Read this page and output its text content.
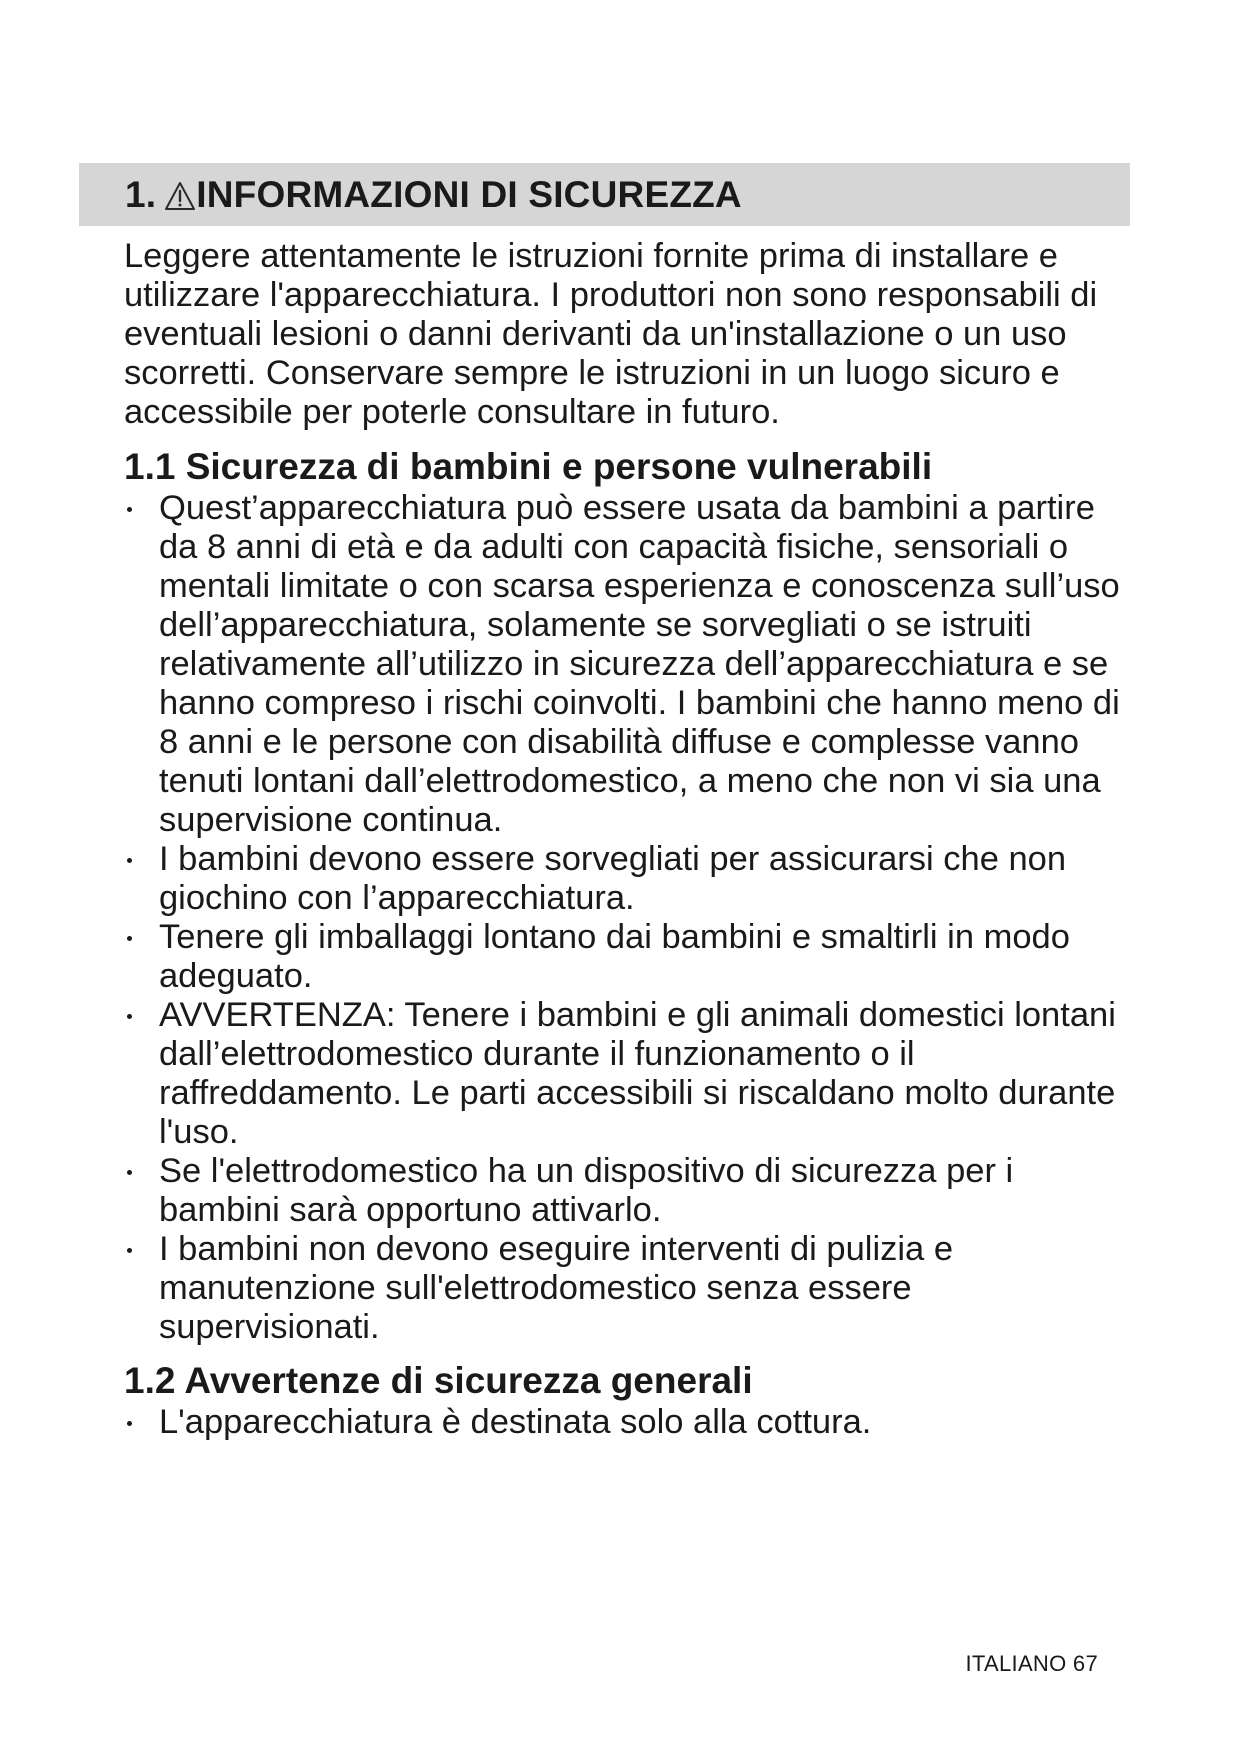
1. INFORMAZIONI DI SICUREZZA

Leggere attentamente le istruzioni fornite prima di installare e utilizzare l'apparecchiatura. I produttori non sono responsabili di eventuali lesioni o danni derivanti da un'installazione o un uso scorretti. Conservare sempre le istruzioni in un luogo sicuro e accessibile per poterle consultare in futuro.

1.1 Sicurezza di bambini e persone vulnerabili
Quest’apparecchiatura può essere usata da bambini a partire da 8 anni di età e da adulti con capacità fisiche, sensoriali o mentali limitate o con scarsa esperienza e conoscenza sull’uso dell’apparecchiatura, solamente se sorvegliati o se istruiti relativamente all’utilizzo in sicurezza dell’apparecchiatura e se hanno compreso i rischi coinvolti. I bambini che hanno meno di 8 anni e le persone con disabilità diffuse e complesse vanno tenuti lontani dall’elettrodomestico, a meno che non vi sia una supervisione continua.
I bambini devono essere sorvegliati per assicurarsi che non giochino con l’apparecchiatura.
Tenere gli imballaggi lontano dai bambini e smaltirli in modo adeguato.
AVVERTENZA: Tenere i bambini e gli animali domestici lontani dall’elettrodomestico durante il funzionamento o il raffreddamento. Le parti accessibili si riscaldano molto durante l'uso.
Se l'elettrodomestico ha un dispositivo di sicurezza per i bambini sarà opportuno attivarlo.
I bambini non devono eseguire interventi di pulizia e manutenzione sull'elettrodomestico senza essere supervisionati.
1.2 Avvertenze di sicurezza generali
L'apparecchiatura è destinata solo alla cottura.
ITALIANO 67
